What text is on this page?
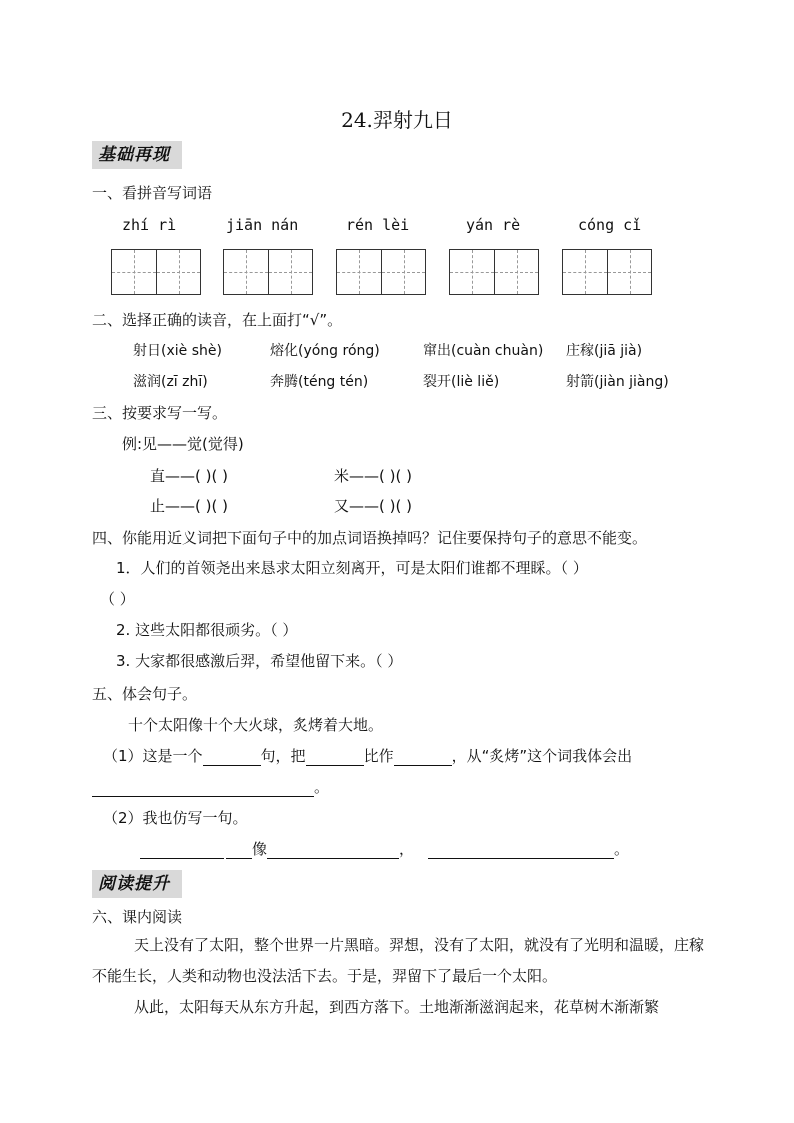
24.羿射九日
基础再现
一、看拼音写词语
zhí rì	jiān nán	rén lèi	yán rè	cóng cǐ
二、选择正确的读音，在上面打“√”。
射日(xiè shè)	熔化(yóng róng)	窜出(cuàn chuàn) 庄稼(jiā jià)
滋润(zī zhī)	奔腾(téng tén)	裂开(liè liě)	射箭(jiàn jiàng)
三、按要求写一写。
例:见——觉(觉得)
直——( )( )	米——( )( )
止——( )( )	又——( )( )
四、你能用近义词把下面句子中的加点词语换掉吗？记住要保持句子的意思不能变。
1．人们的首领尧出来恳求太阳立刻离开，可是太阳们谁都不理睬。（ ）
（ ）
2. 这些太阳都很顽劣。（ ）
3. 大家都很感激后羿，希望他留下来。（ ）
五、体会句子。
十个太阳像十个大火球，炙烤着大地。
（1）这是一个	句，把	比作	，从“炙烤”这个词我体会出
。
（2）我也仿写一句。
像	，	。
阅读提升
六、课内阅读
天上没有了太阳，整个世界一片黑暗。羿想，没有了太阳，就没有了光明和温暖，庄稼不能生长，人类和动物也没法活下去。于是，羿留下了最后一个太阳。
从此，太阳每天从东方升起，到西方落下。土地渐渐滋润起来，花草树木渐渐繁
